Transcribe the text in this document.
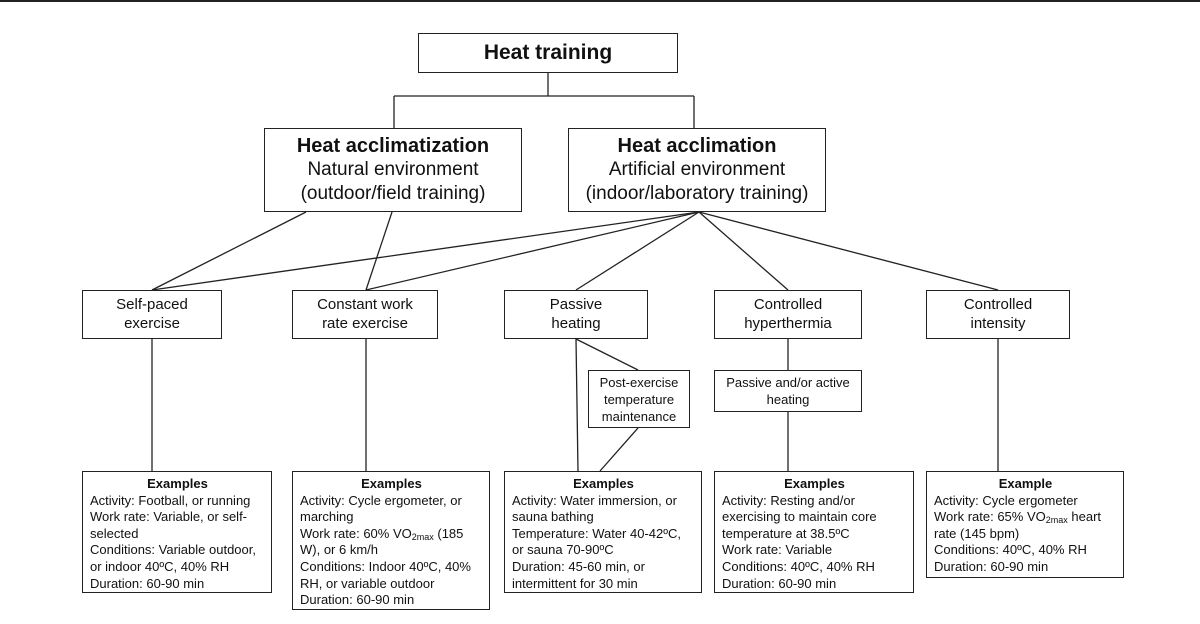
Heat training
Heat acclimatization
Natural environment
(outdoor/field training)
Heat acclimation
Artificial environment
(indoor/laboratory training)
Self-paced
exercise
Constant work
rate exercise
Passive
heating
Controlled
hyperthermia
Controlled
intensity
Post-exercise
temperature
maintenance
Passive and/or active
heating
Examples
Activity: Football, or running
Work rate: Variable, or self-
selected
Conditions: Variable outdoor,
or indoor 40ºC, 40% RH
Duration: 60-90 min
Examples
Activity: Cycle ergometer, or
marching
Work rate: 60% $VO_{2max}$ (185
W), or 6 km/h
Conditions: Indoor 40ºC, 40%
RH, or variable outdoor
Duration: 60-90 min
Examples
Activity: Water immersion, or
sauna bathing
Temperature: Water 40-42ºC,
or sauna 70-90ºC
Duration: 45-60 min, or
intermittent for 30 min
Examples
Activity: Resting and/or
exercising to maintain core
temperature at 38.5ºC
Work rate: Variable
Conditions: 40ºC, 40% RH
Duration: 60-90 min
Example
Activity: Cycle ergometer
Work rate: 65% $VO_{2max}$ heart
rate (145 bpm)
Conditions: 40ºC, 40% RH
Duration: 60-90 min
